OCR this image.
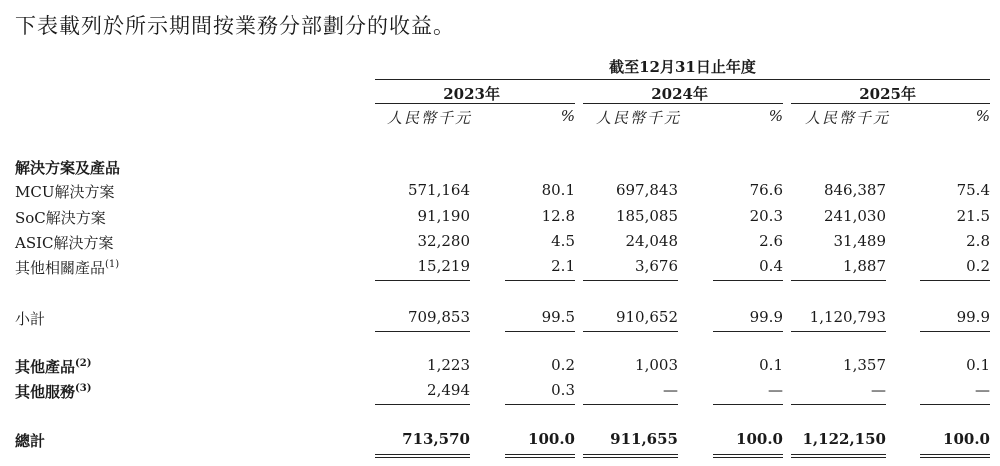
下表載列於所示期間按業務分部劃分的收益。
截至12月31日止年度
2023年	2024年	2025年
人民幣千元	% 人民幣千元	% 人民幣千元	%
解決方案及產品
MCU解決方案	571,164	80.1	697,843	76.6	846,387	75.4
SoC解決方案	91,190	12.8	185,085	20.3	241,030	21.5
ASIC解決方案	32,280	4.5	24,048	2.6	31,489	2.8
其他相關產品$^{(1)}$	15,219	2.1	3,676	0.4	1,887	0.2
小計	709,853	99.5	910,652	99.9	1,120,793	99.9
其他產品$^{(2)}$	1,223	0.2	1,003	0.1	1,357	0.1
其他服務$^{(3)}$	2,494	0.3	—	—	—	—
總計	713,570	100.0	911,655	100.0	1,122,150	100.0
